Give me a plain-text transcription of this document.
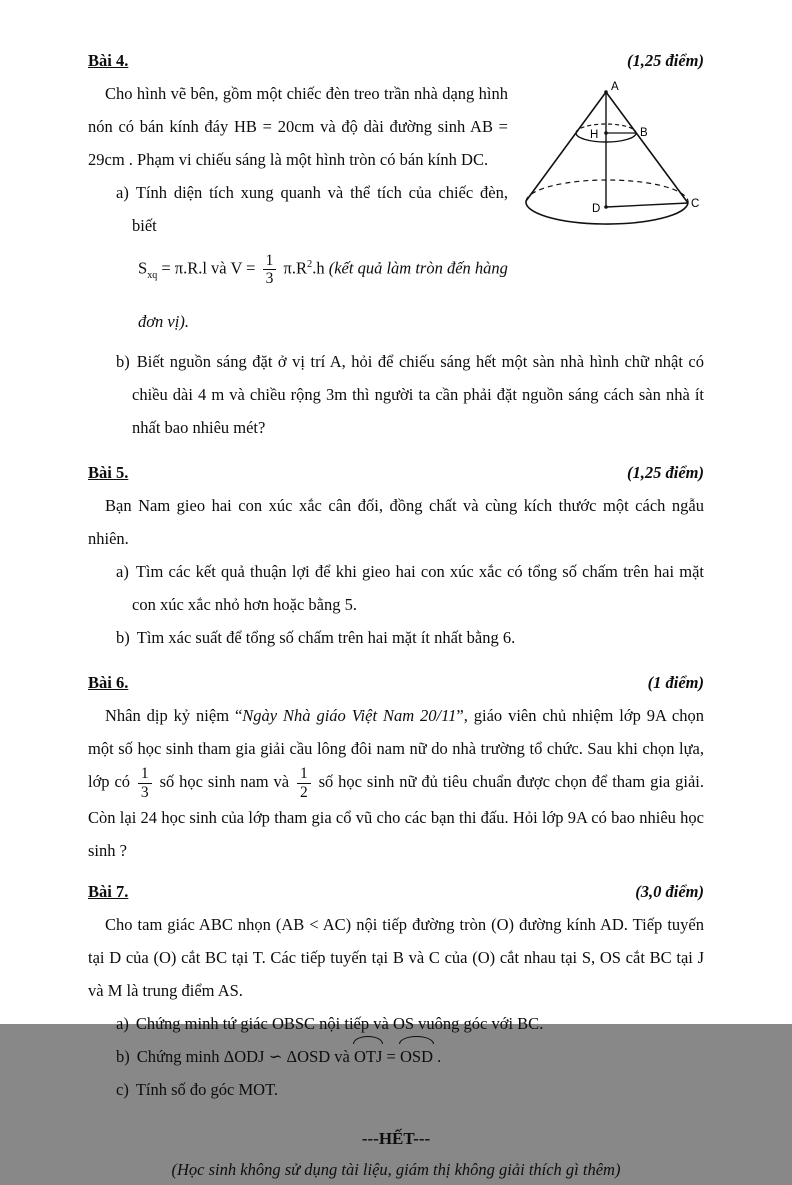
Bài 4.	(1,25 điểm)
A
H	B
D	C
Cho hình vẽ bên, gồm một chiếc đèn treo trần nhà dạng hình nón có bán kính đáy HB = 20cm và độ dài đường sinh AB = 29cm . Phạm vi chiếu sáng là một hình tròn có bán kính DC.
a) Tính diện tích xung quanh và thể tích của chiếc đèn, biết
$S_{xq} = \pi.R.l$ và $V = \frac{1}{3} \pi.R^2.h$ (kết quả làm tròn đến hàng đơn vị).
b) Biết nguồn sáng đặt ở vị trí A, hỏi để chiếu sáng hết một sàn nhà hình chữ nhật có chiều dài 4 m và chiều rộng 3m thì người ta cần phải đặt nguồn sáng cách sàn nhà ít nhất bao nhiêu mét?
Bài 5.	(1,25 điểm)
Bạn Nam gieo hai con xúc xắc cân đối, đồng chất và cùng kích thước một cách ngẫu nhiên.
a) Tìm các kết quả thuận lợi để khi gieo hai con xúc xắc có tổng số chấm trên hai mặt con xúc xắc nhỏ hơn hoặc bằng 5.
b) Tìm xác suất để tổng số chấm trên hai mặt ít nhất bằng 6.
Bài 6.	(1 điểm)
Nhân dịp kỷ niệm “Ngày Nhà giáo Việt Nam 20/11”, giáo viên chủ nhiệm lớp 9A chọn một số học sinh tham gia giải cầu lông đôi nam nữ do nhà trường tổ chức. Sau khi chọn lựa, lớp có $\frac{1}{3}$ số học sinh nam và $\frac{1}{2}$ số học sinh nữ đủ tiêu chuẩn được chọn để tham gia giải. Còn lại 24 học sinh của lớp tham gia cổ vũ cho các bạn thi đấu. Hỏi lớp 9A có bao nhiêu học sinh ?
Bài 7.	(3,0 điểm)
Cho tam giác ABC nhọn (AB < AC) nội tiếp đường tròn (O) đường kính AD. Tiếp tuyến tại D của (O) cắt BC tại T. Các tiếp tuyến tại B và C của (O) cắt nhau tại S, OS cắt BC tại J và M là trung điểm AS.
a) Chứng minh tứ giác OBSC nội tiếp và OS vuông góc với BC.
b) Chứng minh ΔODJ ∽ ΔOSD và OTJ = OSD .
c) Tính số đo góc MOT.
---HẾT---
(Học sinh không sử dụng tài liệu, giám thị không giải thích gì thêm)
